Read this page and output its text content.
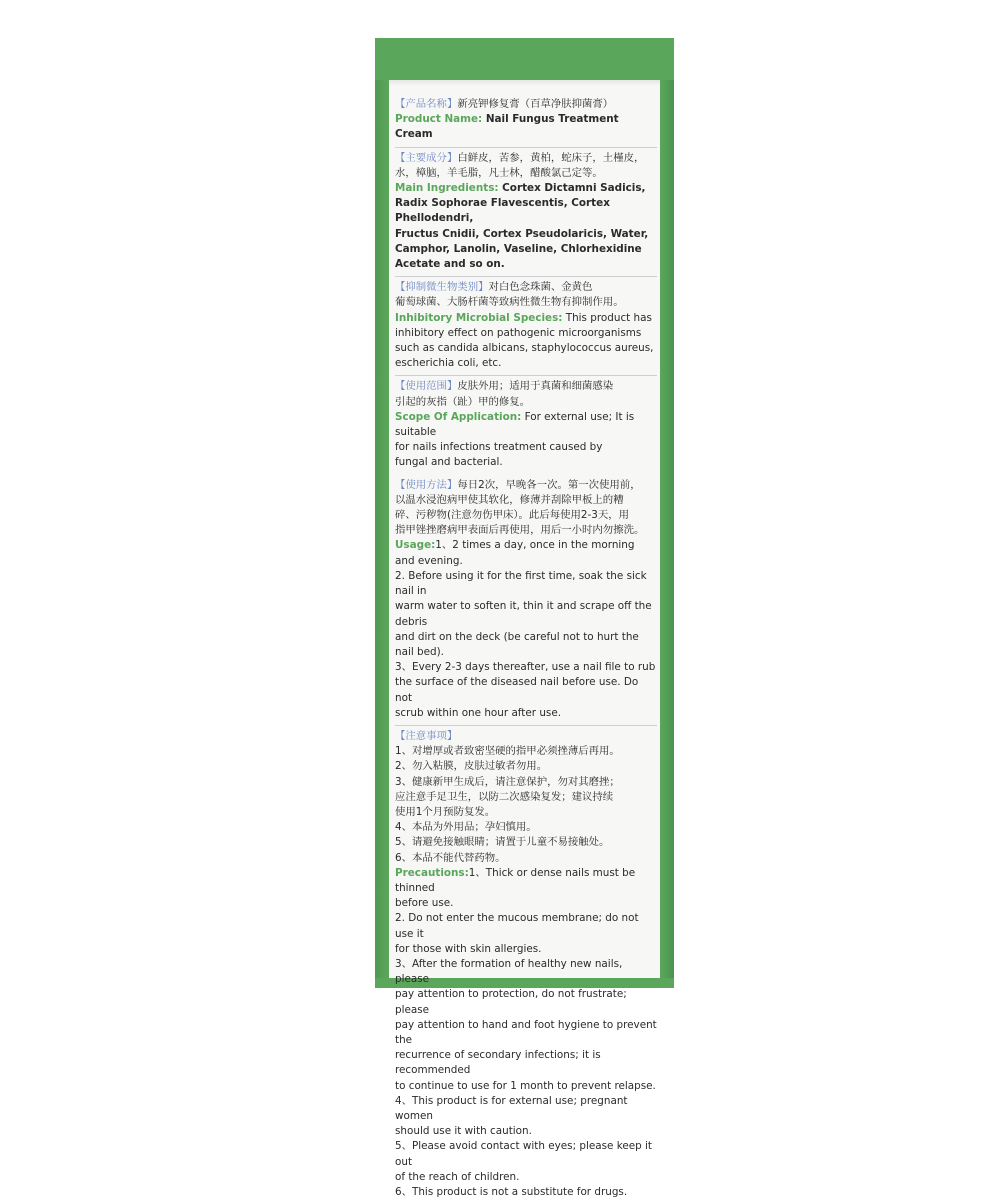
Ranuelei

【产品名称】新亮钾修复膏（百草净肤抑菌膏）

Product Name: Nail Fungus Treatment Cream

【主要成分】白鲜皮，苦参，黄柏，蛇床子，土槿皮，

水，樟脑，羊毛脂，凡士林，醋酸氯己定等。

Main Ingredients: Cortex Dictamni Sadicis,

Radix Sophorae Flavescentis, Cortex Phellodendri,

Fructus Cnidii, Cortex Pseudolaricis, Water,

Camphor, Lanolin, Vaseline, Chlorhexidine

Acetate and so on.

【抑制微生物类别】对白色念珠菌、金黄色

葡萄球菌、大肠杆菌等致病性微生物有抑制作用。

Inhibitory Microbial Species: This product has

inhibitory effect on pathogenic microorganisms

such as candida albicans, staphylococcus aureus,

escherichia coli, etc.

【使用范围】皮肤外用；适用于真菌和细菌感染

引起的灰指（趾）甲的修复。

Scope Of Application: For external use; It is suitable

for nails infections treatment caused by

fungal and bacterial.

【使用方法】每日2次，早晚各一次。第一次使用前，

以温水浸泡病甲使其软化，修薄并刮除甲板上的糟

碎、污秽物(注意勿伤甲床）。此后每使用2-3天，用

指甲锉挫磨病甲表面后再使用，用后一小时内勿擦洗。

Usage:1、2 times a day, once in the morning and evening.

2. Before using it for the first time, soak the sick nail in

warm water to soften it, thin it and scrape off the debris

and dirt on the deck (be careful not to hurt the nail bed).

3、Every 2-3 days thereafter, use a nail file to rub

the surface of the diseased nail before use. Do not

scrub within one hour after use.

【注意事项】

1、对增厚或者致密坚硬的指甲必须挫薄后再用。

2、勿入粘膜，皮肤过敏者勿用。

3、健康新甲生成后，请注意保护，勿对其磨挫；

应注意手足卫生，以防二次感染复发；建议持续

使用1个月预防复发。

4、本品为外用品；孕妇慎用。

5、请避免接触眼睛；请置于儿童不易接触处。

6、本品不能代替药物。

Precautions:1、Thick or dense nails must be thinned

before use.

2. Do not enter the mucous membrane; do not use it

for those with skin allergies.

3、After the formation of healthy new nails, please

pay attention to protection, do not frustrate; please

pay attention to hand and foot hygiene to prevent the

recurrence of secondary infections; it is recommended

to continue to use for 1 month to prevent relapse.

4、This product is for external use; pregnant women

should use it with caution.

5、Please avoid contact with eyes; please keep it out

of the reach of children.

6、This product is not a substitute for drugs.
